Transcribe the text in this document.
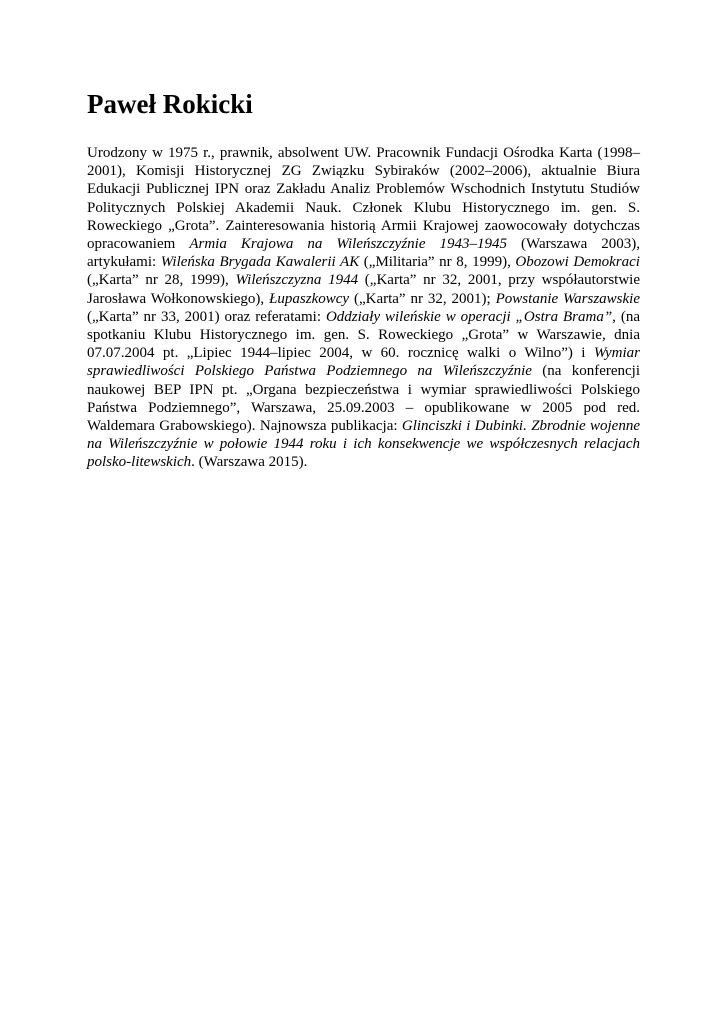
Paweł Rokicki

Urodzony w 1975 r., prawnik, absolwent UW. Pracownik Fundacji Ośrodka Karta (1998–2001), Komisji Historycznej ZG Związku Sybiraków (2002–2006), aktualnie Biura Edukacji Publicznej IPN oraz Zakładu Analiz Problemów Wschodnich Instytutu Studiów Politycznych Polskiej Akademii Nauk. Członek Klubu Historycznego im. gen. S. Roweckiego „Grota”. Zainteresowania historią Armii Krajowej zaowocowały dotychczas opracowaniem Armia Krajowa na Wileńszczyźnie 1943–1945 (Warszawa 2003), artykułami: Wileńska Brygada Kawalerii AK („Militaria” nr 8, 1999), Obozowi Demokraci („Karta” nr 28, 1999), Wileńszczyzna 1944 („Karta” nr 32, 2001, przy współautorstwie Jarosława Wołkonowskiego), Łupaszkowcy („Karta” nr 32, 2001); Powstanie Warszawskie („Karta” nr 33, 2001) oraz referatami: Oddziały wileńskie w operacji „Ostra Brama”, (na spotkaniu Klubu Historycznego im. gen. S. Roweckiego „Grota” w Warszawie, dnia 07.07.2004 pt. „Lipiec 1944–lipiec 2004, w 60. rocznicę walki o Wilno”) i Wymiar sprawiedliwości Polskiego Państwa Podziemnego na Wileńszczyźnie (na konferencji naukowej BEP IPN pt. „Organa bezpieczeństwa i wymiar sprawiedliwości Polskiego Państwa Podziemnego”, Warszawa, 25.09.2003 – opublikowane w 2005 pod red. Waldemara Grabowskiego). Najnowsza publikacja: Glinciszki i Dubinki. Zbrodnie wojenne na Wileńszczyźnie w połowie 1944 roku i ich konsekwencje we współczesnych relacjach polsko-litewskich. (Warszawa 2015).
